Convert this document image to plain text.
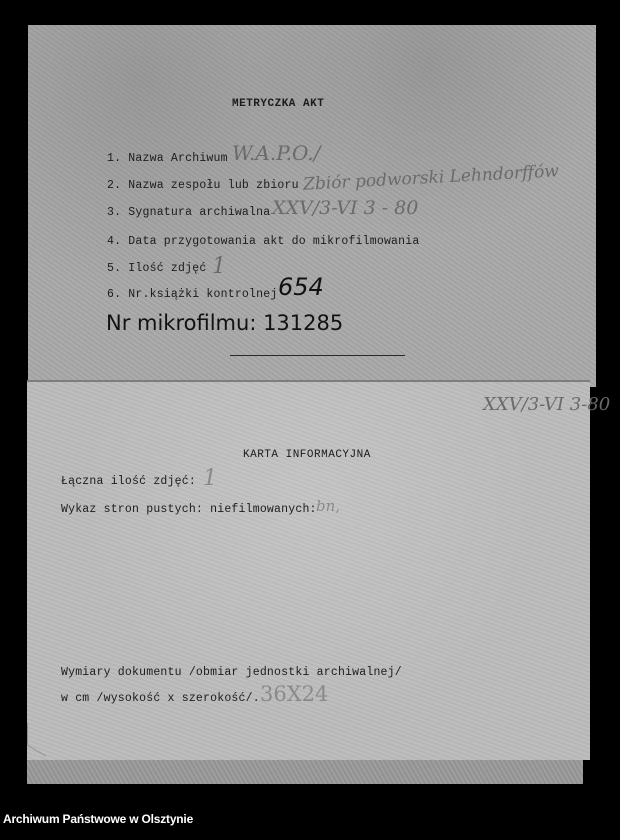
METRYCZKA AKT
1. Nazwa Archiwum W.A.P.O./
2. Nazwa zespołu lub zbioru Zbiór podworski Lehndorffów
3. Sygnatura archiwalna XXV/3-VI 3 - 80
4. Data przygotowania akt do mikrofilmowania
5. Ilość zdjęć 1
6. Nr.książki kontrolnej 654
Nr mikrofilmu: 131285
XXV/3-VI 3-80
KARTA INFORMACYJNA
Łączna ilość zdjęć: 1
Wykaz stron pustych: niefilmowanych: bn,
Wymiary dokumentu /obmiar jednostki archiwalnej/
w cm /wysokość x szerokość/. 36X24
Archiwum Państwowe w Olsztynie
